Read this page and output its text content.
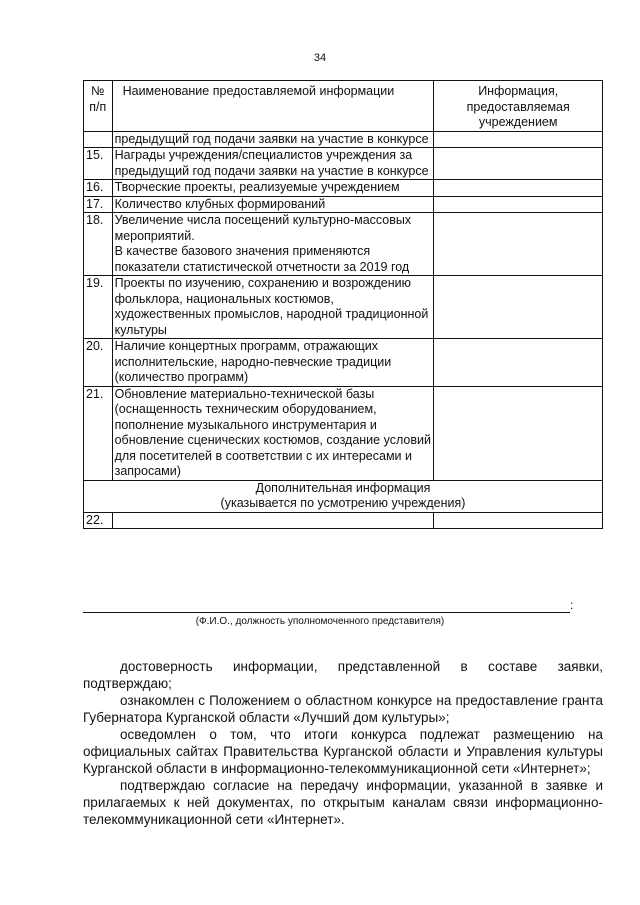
34
№ п/п	Наименование предоставляемой информации	Информация, предоставляемая учреждением
	предыдущий год подачи заявки на участие в конкурсе	
15.	Награды учреждения/специалистов учреждения за предыдущий год подачи заявки на участие в конкурсе	
16.	Творческие проекты, реализуемые учреждением	
17.	Количество клубных формирований	
18.	Увеличение числа посещений культурно-массовых мероприятий.
В качестве базового значения применяются показатели статистической отчетности за 2019 год	

19.	Проекты по изучению, сохранению и возрождению фольклора, национальных костюмов, художественных промыслов, народной традиционной культуры	
20.	Наличие концертных программ, отражающих исполнительские, народно-певческие традиции (количество программ)	
21.	Обновление материально-технической базы (оснащенность техническим оборудованием, пополнение музыкального инструментария и обновление сценических костюмов, создание условий для посетителей в соответствии с их интересами и запросами)	

Дополнительная информация
(указывается по усмотрению учреждения)		

22.		
:
(Ф.И.О., должность уполномоченного представителя)
достоверность информации, представленной в составе заявки, подтверждаю;
ознакомлен с Положением о областном конкурсе на предоставление гранта Губернатора Курганской области «Лучший дом культуры»;
осведомлен о том, что итоги конкурса подлежат размещению на официальных сайтах Правительства Курганской области и Управления культуры Курганской области в информационно-телекоммуникационной сети «Интернет»;
подтверждаю согласие на передачу информации, указанной в заявке и прилагаемых к ней документах, по открытым каналам связи информационно-телекоммуникационной сети «Интернет».
